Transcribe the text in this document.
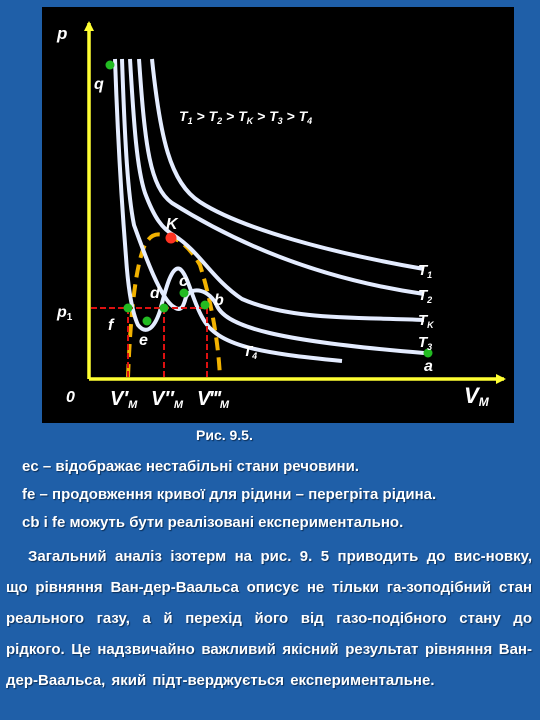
p
0	VM
p1
q
K
c
d	b
f
e
a
V′M V″M V‴M
$T_1$
$T_2$
$T_K$
$T_3$
$T_4$
$T_1 > T_2 > T_K > T_3 > T_4$
Рис. 9.5.

ec – відображає нестабільні стани речовини.

fe – продовження кривої для рідини – перегріта рідина.

cb і fe можуть бути реалізовані експериментально.

Загальний аналіз ізотерм на рис. 9. 5 приводить до вис-новку, що рівняння Ван-дер-Ваальса описує не тільки га-зоподібний стан реального газу, а й перехід його від газо-подібного стану до рідкого. Це надзвичайно важливий якісний результат рівняння Ван-дер-Ваальса, який підт-верджується експериментальне.
